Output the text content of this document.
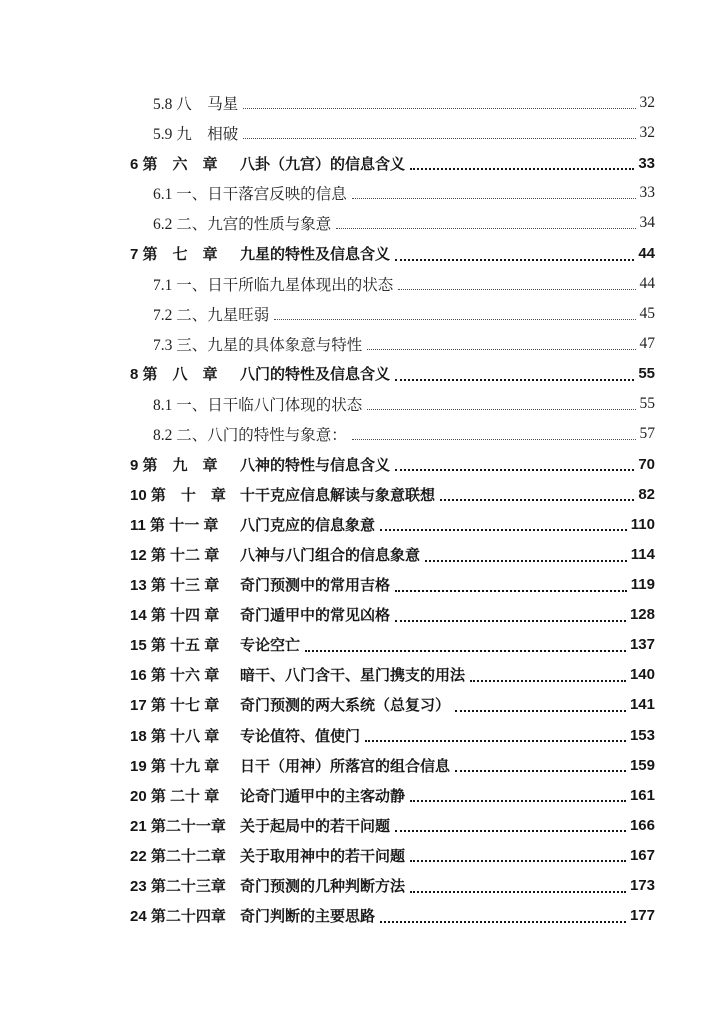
5.8 八　马星	32
5.9 九　相破	32
6 第　六　章	八卦（九宫）的信息含义	33
6.1 一、日干落宫反映的信息	33
6.2 二、九宫的性质与象意	34
7 第　七　章	九星的特性及信息含义	44
7.1 一、日干所临九星体现出的状态	44
7.2 二、九星旺弱	45
7.3 三、九星的具体象意与特性	47
8 第　八　章	八门的特性及信息含义	55
8.1 一、日干临八门体现的状态	55
8.2 二、八门的特性与象意：	57
9 第　九　章	八神的特性与信息含义	70
10 第　十　章 十干克应信息解读与象意联想	82
11 第 十一 章	八门克应的信息象意	110
12 第 十二 章	八神与八门组合的信息象意	114
13 第 十三 章	奇门预测中的常用吉格	119
14 第 十四 章	奇门遁甲中的常见凶格	128
15 第 十五 章	专论空亡	137
16 第 十六 章	暗干、八门含干、星门携支的用法	140
17 第 十七 章	奇门预测的两大系统（总复习）	141
18 第 十八 章	专论值符、值使门	153
19 第 十九 章	日干（用神）所落宫的组合信息	159
20 第 二十 章	论奇门遁甲中的主客动静	161
21 第二十一章 关于起局中的若干问题	166
22 第二十二章 关于取用神中的若干问题	167
23 第二十三章 奇门预测的几种判断方法	173
24 第二十四章 奇门判断的主要思路	177
